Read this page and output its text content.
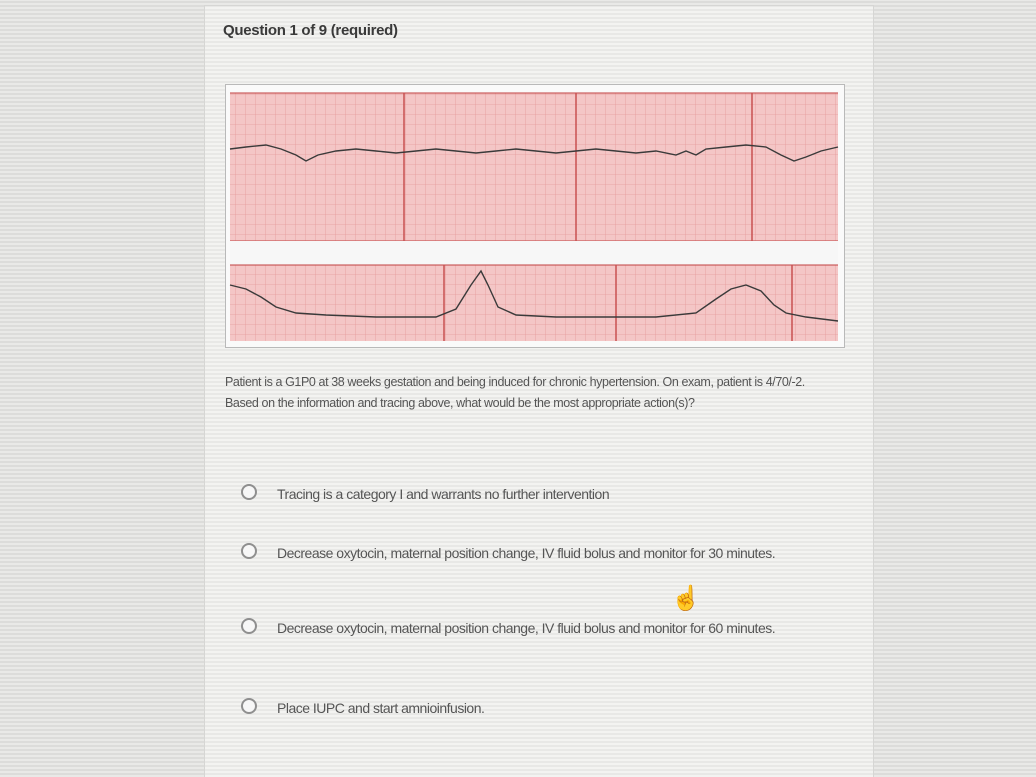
Question 1 of 9 (required)
Patient is a G1P0 at 38 weeks gestation and being induced for chronic hypertension. On exam, patient is 4/70/-2. Based on the information and tracing above, what would be the most appropriate action(s)?
Tracing is a category I and warrants no further intervention
Decrease oxytocin, maternal position change, IV fluid bolus and monitor for 30 minutes.
Decrease oxytocin, maternal position change, IV fluid bolus and monitor for 60 minutes.
Place IUPC and start amnioinfusion.
☝
